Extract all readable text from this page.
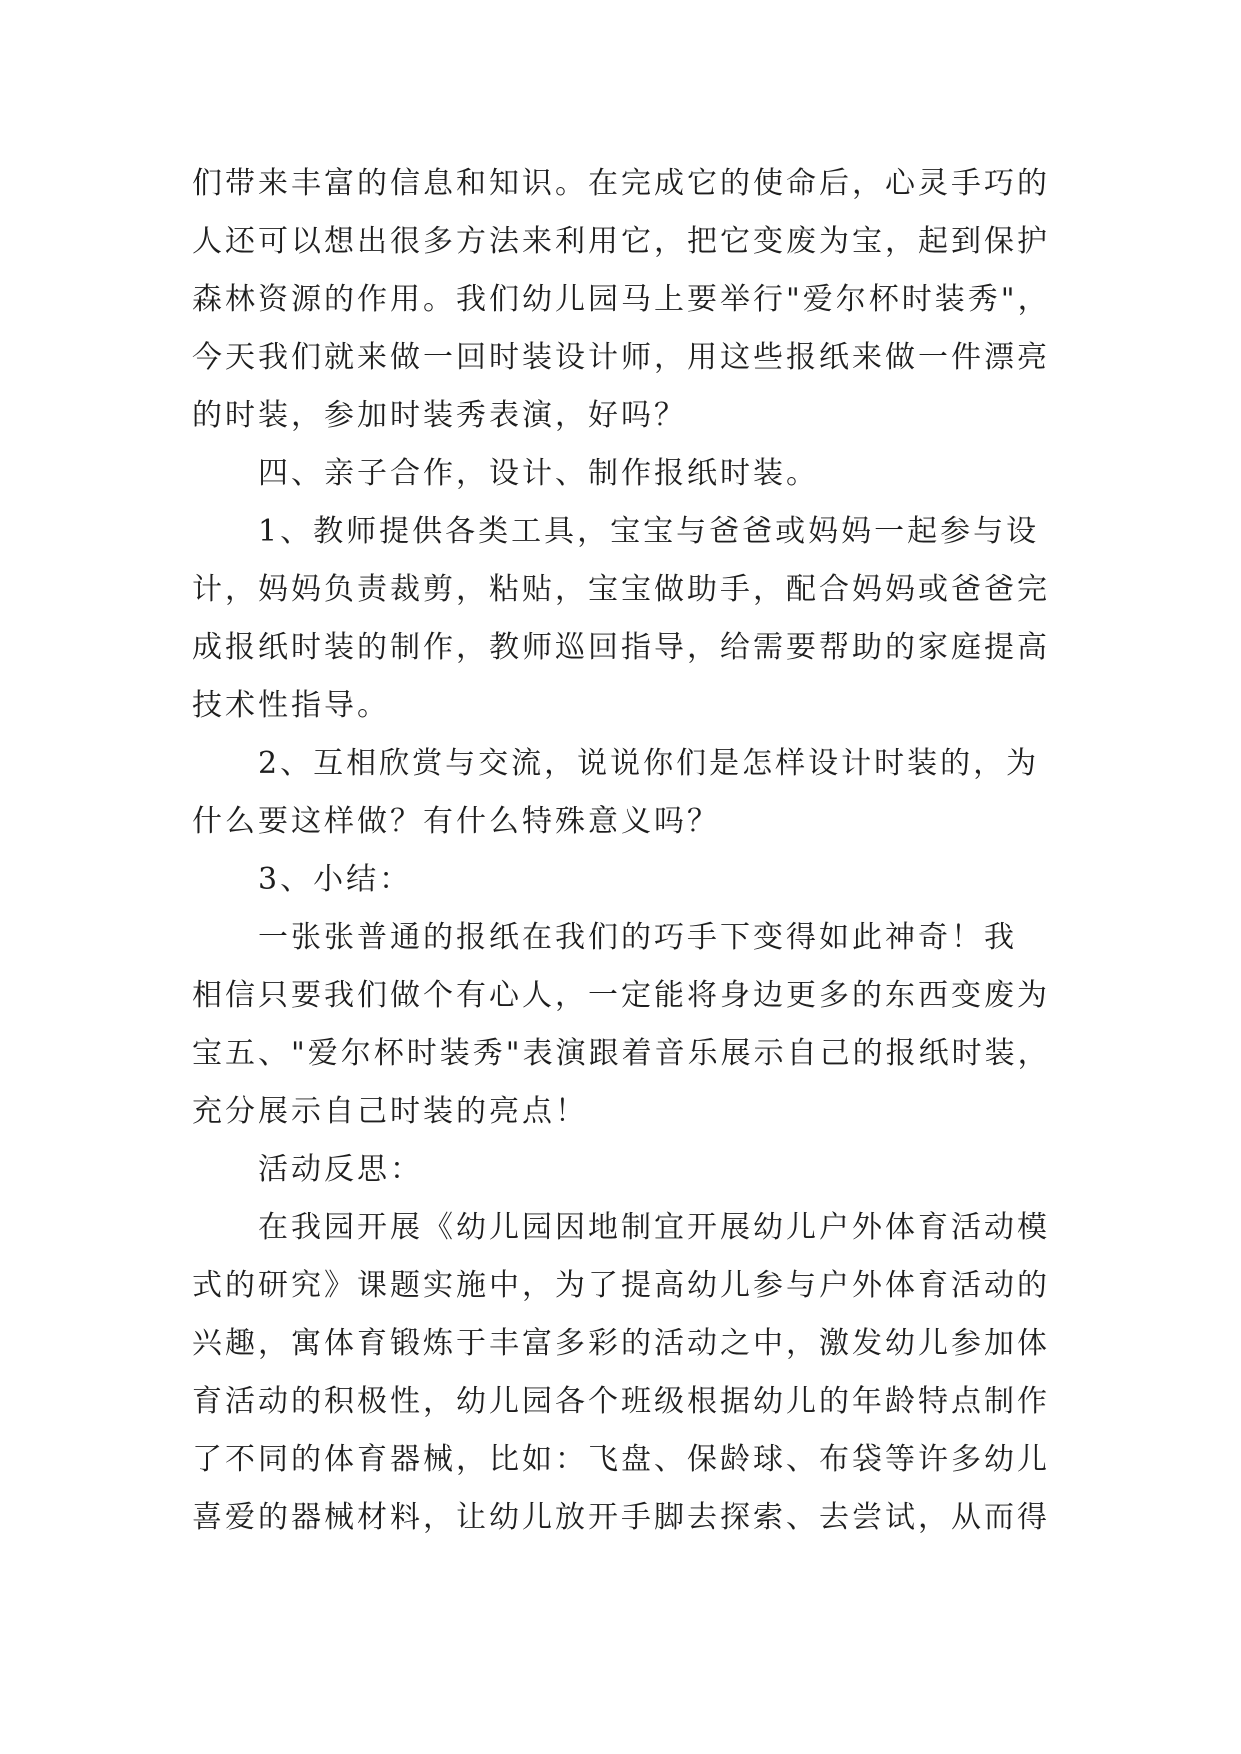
们带来丰富的信息和知识。在完成它的使命后，心灵手巧的
人还可以想出很多方法来利用它，把它变废为宝，起到保护
森林资源的作用。我们幼儿园马上要举行"爱尔杯时装秀"，
今天我们就来做一回时装设计师，用这些报纸来做一件漂亮
的时装，参加时装秀表演，好吗？
四、亲子合作，设计、制作报纸时装。
1、教师提供各类工具，宝宝与爸爸或妈妈一起参与设
计，妈妈负责裁剪，粘贴，宝宝做助手，配合妈妈或爸爸完
成报纸时装的制作，教师巡回指导，给需要帮助的家庭提高
技术性指导。
2、互相欣赏与交流，说说你们是怎样设计时装的，为
什么要这样做？有什么特殊意义吗？
3、小结：
一张张普通的报纸在我们的巧手下变得如此神奇！我
相信只要我们做个有心人，一定能将身边更多的东西变废为
宝五、"爱尔杯时装秀"表演跟着音乐展示自己的报纸时装，
充分展示自己时装的亮点！
活动反思：
在我园开展《幼儿园因地制宜开展幼儿户外体育活动模
式的研究》课题实施中，为了提高幼儿参与户外体育活动的
兴趣，寓体育锻炼于丰富多彩的活动之中，激发幼儿参加体
育活动的积极性，幼儿园各个班级根据幼儿的年龄特点制作
了不同的体育器械，比如：飞盘、保龄球、布袋等许多幼儿
喜爱的器械材料，让幼儿放开手脚去探索、去尝试，从而得
